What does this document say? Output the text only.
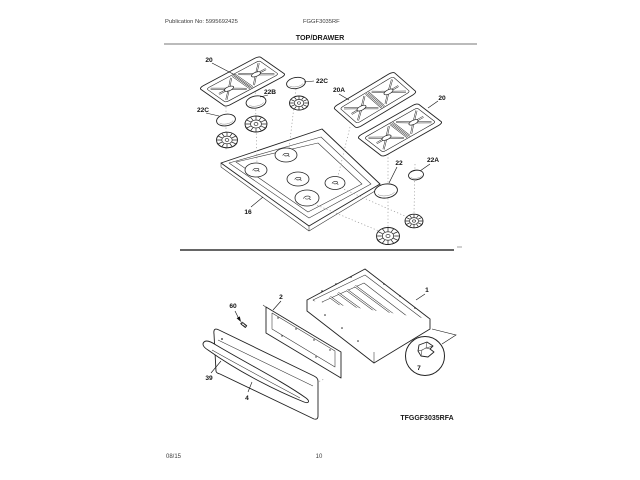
Publication No: 5995692425	FGGF3035RF
TOP/DRAWER
20
22C
22B
22C
20A
20
22	22A
16
60
2
1
39
4
7
TFGGF3035RFA
08/15	10
